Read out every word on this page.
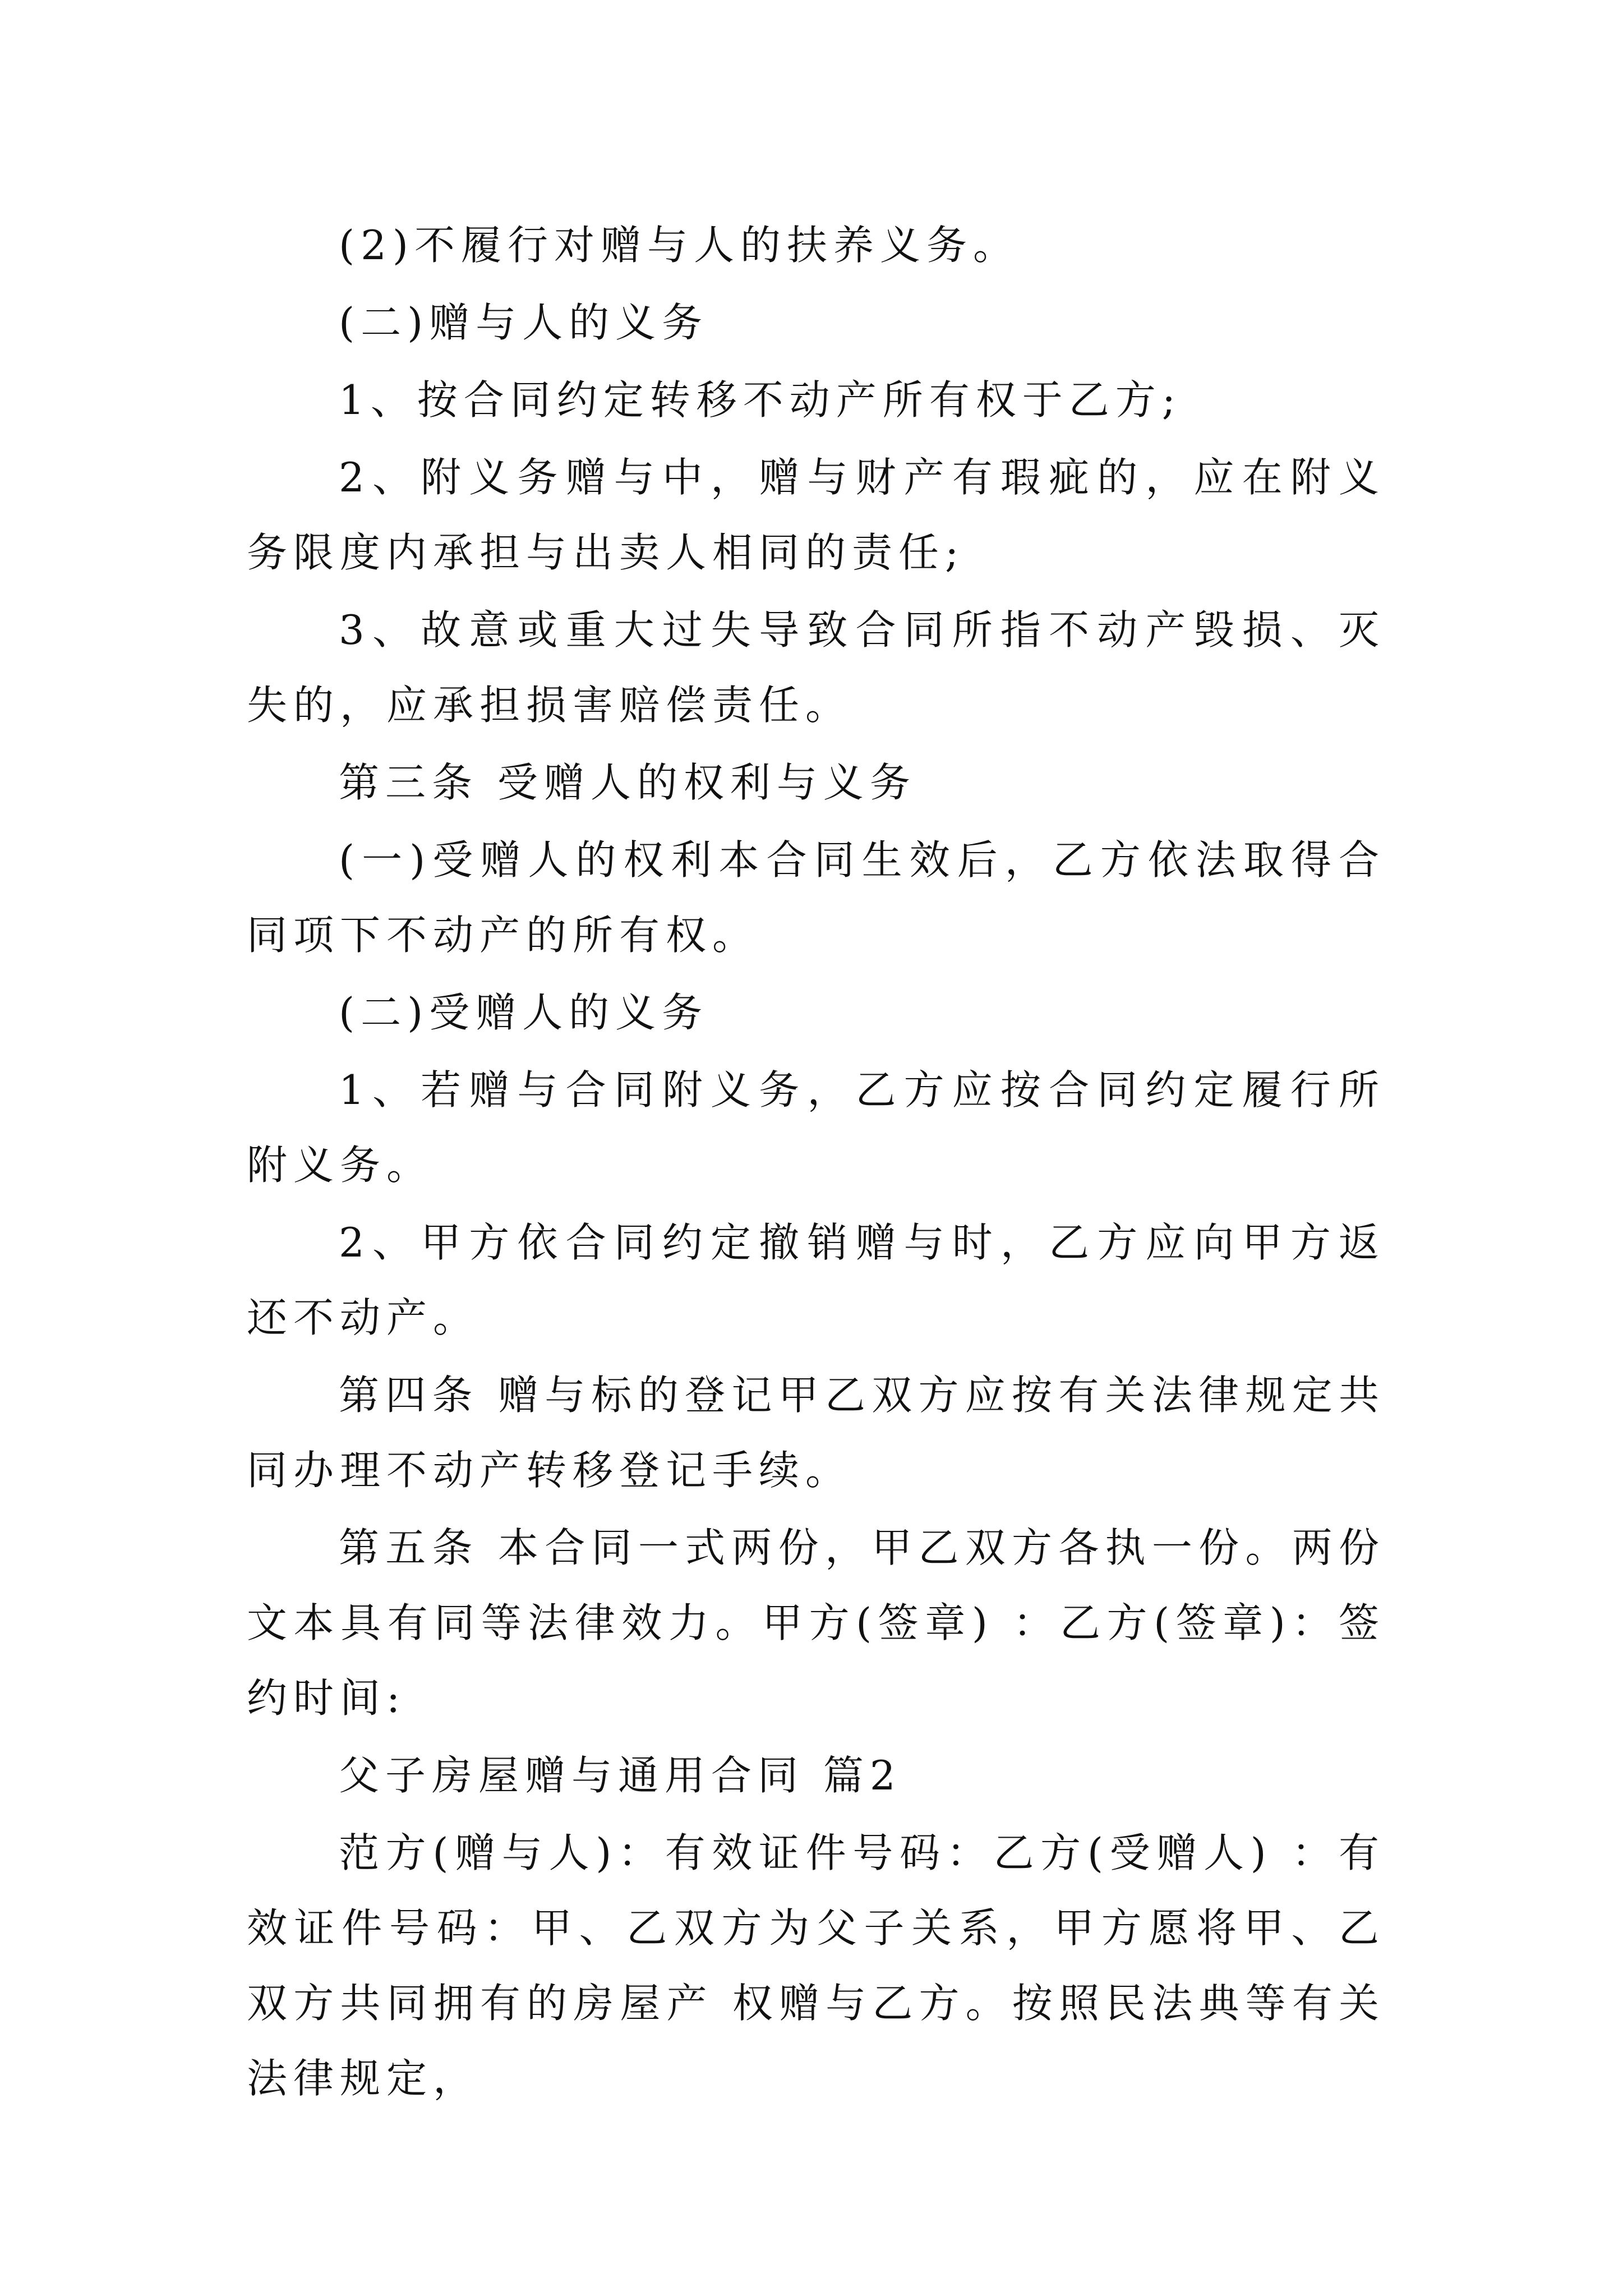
(2)不履行对赠与人的扶养义务。

(二)赠与人的义务

1、按合同约定转移不动产所有权于乙方;

2、附义务赠与中，赠与财产有瑕疵的，应在附义务限度内承担与出卖人相同的责任;

3、故意或重大过失导致合同所指不动产毁损、灭失的，应承担损害赔偿责任。

第三条 受赠人的权利与义务

(一)受赠人的权利本合同生效后，乙方依法取得合同项下不动产的所有权。

(二)受赠人的义务

1、若赠与合同附义务，乙方应按合同约定履行所附义务。

2、甲方依合同约定撤销赠与时，乙方应向甲方返还不动产。

第四条 赠与标的登记甲乙双方应按有关法律规定共同办理不动产转移登记手续。

第五条 本合同一式两份，甲乙双方各执一份。两份文本具有同等法律效力。甲方(签章) ：乙方(签章)：签约时间:

父子房屋赠与通用合同 篇2

范方(赠与人)：有效证件号码：乙方(受赠人) ：有效证件号码：甲、乙双方为父子关系，甲方愿将甲、乙双方共同拥有的房屋产 权赠与乙方。按照民法典等有关法律规定，
